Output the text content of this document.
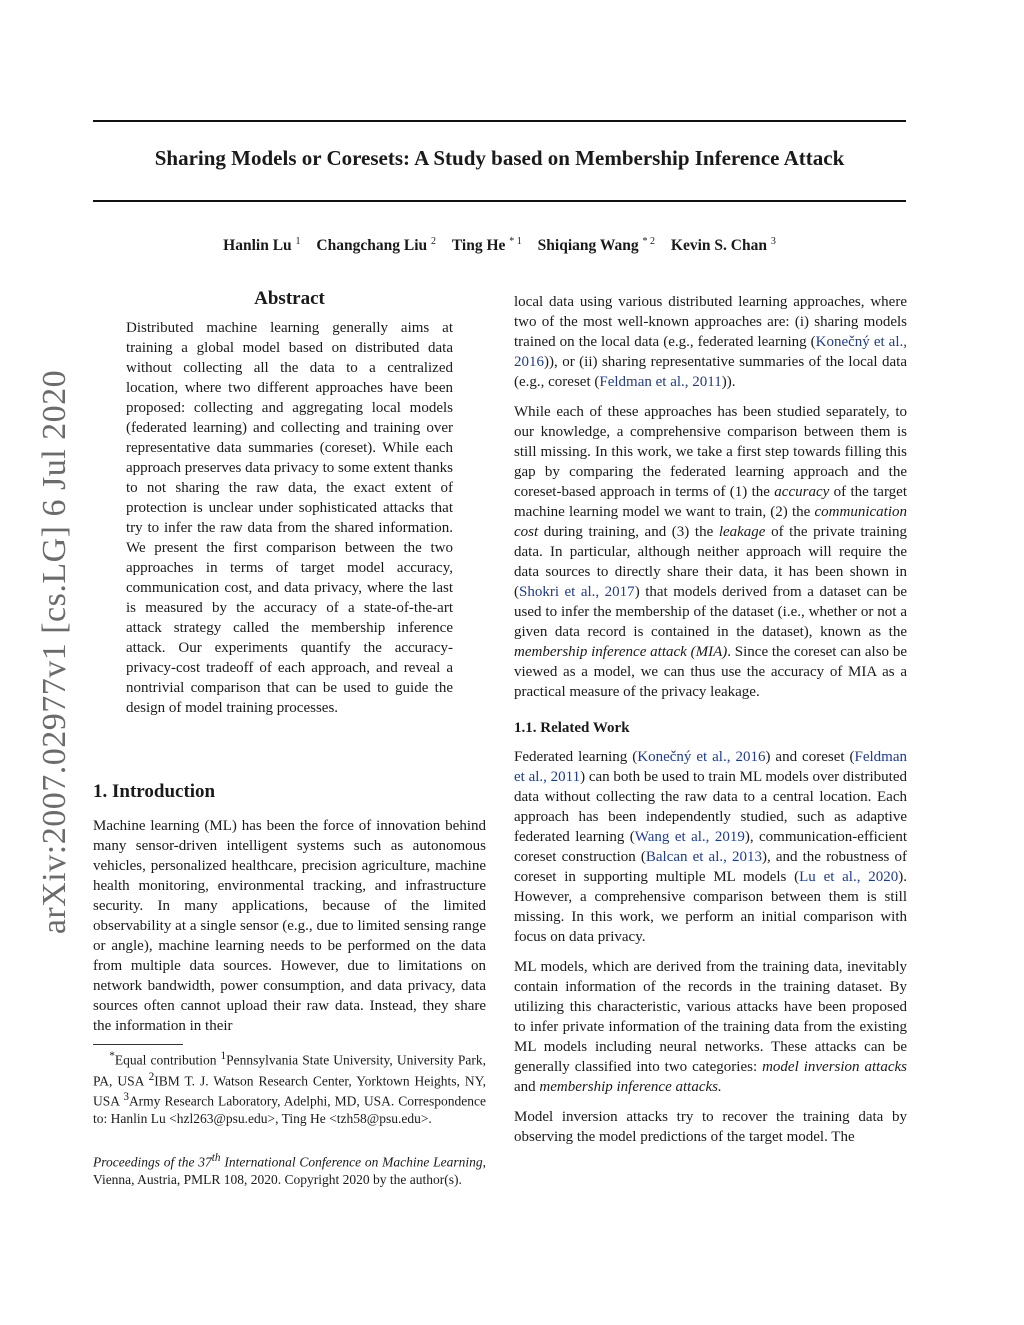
Sharing Models or Coresets: A Study based on Membership Inference Attack
Hanlin Lu $^1$ Changchang Liu $^2$ Ting He $^{* 1}$ Shiqiang Wang $^{* 2}$ Kevin S. Chan $^3$
arXiv:2007.02977v1 [cs.LG] 6 Jul 2020
Abstract

Distributed machine learning generally aims at training a global model based on distributed data without collecting all the data to a centralized location, where two different approaches have been proposed: collecting and aggregating local models (federated learning) and collecting and training over representative data summaries (coreset). While each approach preserves data privacy to some extent thanks to not sharing the raw data, the exact extent of protection is unclear under sophisticated attacks that try to infer the raw data from the shared information. We present the first comparison between the two approaches in terms of target model accuracy, communication cost, and data privacy, where the last is measured by the accuracy of a state-of-the-art attack strategy called the membership inference attack. Our experiments quantify the accuracy-privacy-cost tradeoff of each approach, and reveal a nontrivial comparison that can be used to guide the design of model training processes.

1. Introduction

Machine learning (ML) has been the force of innovation behind many sensor-driven intelligent systems such as autonomous vehicles, personalized healthcare, precision agriculture, machine health monitoring, environmental tracking, and infrastructure security. In many applications, because of the limited observability at a single sensor (e.g., due to limited sensing range or angle), machine learning needs to be performed on the data from multiple data sources. However, due to limitations on network bandwidth, power consumption, and data privacy, data sources often cannot upload their raw data. Instead, they share the information in their

*Equal contribution $^1$Pennsylvania State University, University Park, PA, USA $^2$IBM T. J. Watson Research Center, Yorktown Heights, NY, USA $^3$Army Research Laboratory, Adelphi, MD, USA. Correspondence to: Hanlin Lu <hzl263@psu.edu>, Ting He <tzh58@psu.edu>.

Proceedings of the 37th International Conference on Machine Learning, Vienna, Austria, PMLR 108, 2020. Copyright 2020 by the author(s).

local data using various distributed learning approaches, where two of the most well-known approaches are: (i) sharing models trained on the local data (e.g., federated learning (Konečný et al., 2016)), or (ii) sharing representative summaries of the local data (e.g., coreset (Feldman et al., 2011)).

While each of these approaches has been studied separately, to our knowledge, a comprehensive comparison between them is still missing. In this work, we take a first step towards filling this gap by comparing the federated learning approach and the coreset-based approach in terms of (1) the accuracy of the target machine learning model we want to train, (2) the communication cost during training, and (3) the leakage of the private training data. In particular, although neither approach will require the data sources to directly share their data, it has been shown in (Shokri et al., 2017) that models derived from a dataset can be used to infer the membership of the dataset (i.e., whether or not a given data record is contained in the dataset), known as the membership inference attack (MIA). Since the coreset can also be viewed as a model, we can thus use the accuracy of MIA as a practical measure of the privacy leakage.

1.1. Related Work

Federated learning (Konečný et al., 2016) and coreset (Feldman et al., 2011) can both be used to train ML models over distributed data without collecting the raw data to a central location. Each approach has been independently studied, such as adaptive federated learning (Wang et al., 2019), communication-efficient coreset construction (Balcan et al., 2013), and the robustness of coreset in supporting multiple ML models (Lu et al., 2020). However, a comprehensive comparison between them is still missing. In this work, we perform an initial comparison with focus on data privacy.

ML models, which are derived from the training data, inevitably contain information of the records in the training dataset. By utilizing this characteristic, various attacks have been proposed to infer private information of the training data from the existing ML models including neural networks. These attacks can be generally classified into two categories: model inversion attacks and membership inference attacks.

Model inversion attacks try to recover the training data by observing the model predictions of the target model. The
